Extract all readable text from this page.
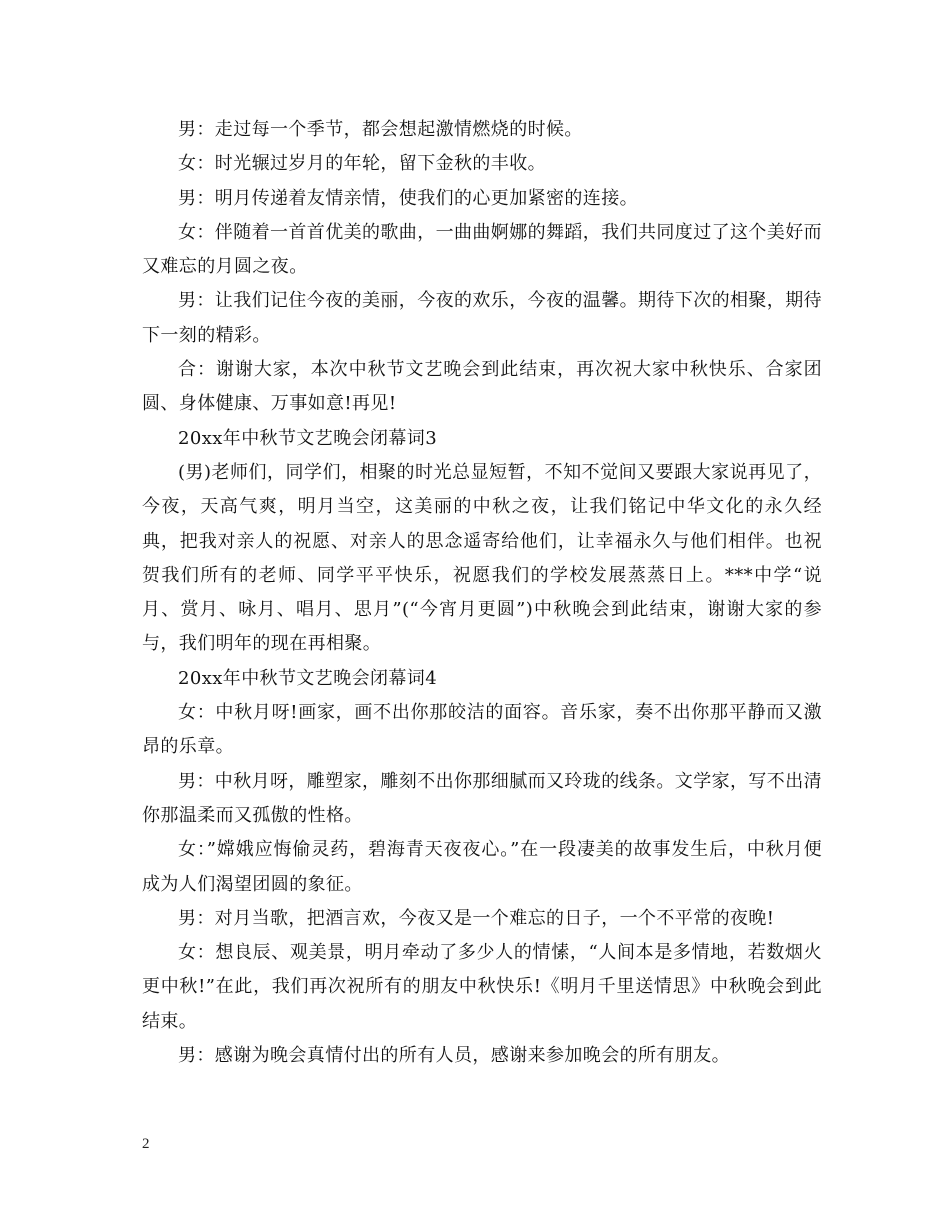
男：走过每一个季节，都会想起激情燃烧的时候。

女：时光辗过岁月的年轮，留下金秋的丰收。

男：明月传递着友情亲情，使我们的心更加紧密的连接。

女：伴随着一首首优美的歌曲，一曲曲婀娜的舞蹈，我们共同度过了这个美好而又难忘的月圆之夜。

男：让我们记住今夜的美丽，今夜的欢乐，今夜的温馨。期待下次的相聚，期待下一刻的精彩。

合：谢谢大家，本次中秋节文艺晚会到此结束，再次祝大家中秋快乐、合家团圆、身体健康、万事如意!再见!

20xx年中秋节文艺晚会闭幕词3

(男)老师们，同学们，相聚的时光总显短暂，不知不觉间又要跟大家说再见了，今夜，天高气爽，明月当空，这美丽的中秋之夜，让我们铭记中华文化的永久经典，把我对亲人的祝愿、对亲人的思念遥寄给他们，让幸福永久与他们相伴。也祝贺我们所有的老师、同学平平快乐，祝愿我们的学校发展蒸蒸日上。***中学“说月、赏月、咏月、唱月、思月”(“今宵月更圆”)中秋晚会到此结束，谢谢大家的参与，我们明年的现在再相聚。

20xx年中秋节文艺晚会闭幕词4

女：中秋月呀!画家，画不出你那皎洁的面容。音乐家，奏不出你那平静而又激昂的乐章。

男：中秋月呀，雕塑家，雕刻不出你那细腻而又玲珑的线条。文学家，写不出清你那温柔而又孤傲的性格。

女：”嫦娥应悔偷灵药，碧海青天夜夜心。”在一段凄美的故事发生后，中秋月便成为人们渴望团圆的象征。

男：对月当歌，把酒言欢，今夜又是一个难忘的日子，一个不平常的夜晚!

女：想良辰、观美景，明月牵动了多少人的情愫，“人间本是多情地，若数烟火更中秋!”在此，我们再次祝所有的朋友中秋快乐!《明月千里送情思》中秋晚会到此结束。

男：感谢为晚会真情付出的所有人员，感谢来参加晚会的所有朋友。

2
